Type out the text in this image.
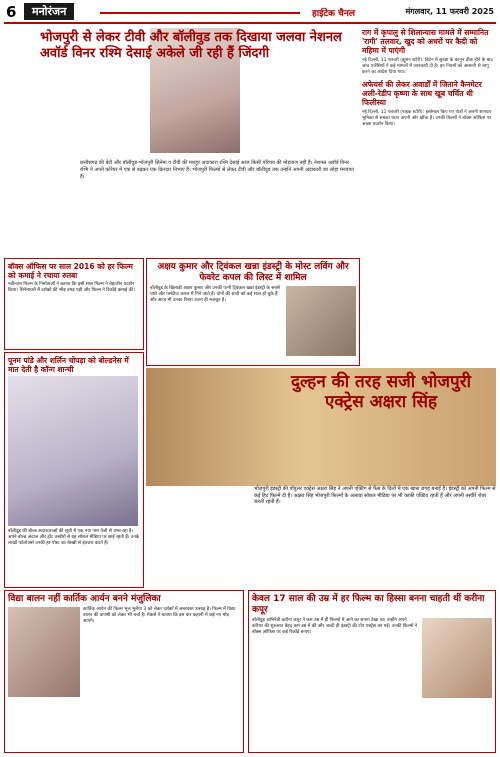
6	मनोरंजन	हाईटेक चैनल	मंगलवार, 11 फरवरी 2025
भोजपुरी से लेकर टीवी और बॉलीवुड तक दिखाया जलवा नेशनल अवॉर्ड विनर रश्मि देसाई अकेले जी रही हैं जिंदगी
छत्तीसगढ़ की बेटी और बॉलीवुड-भोजपुरी सिनेमा व टीवी की मशहूर अदाकारा रश्मि देसाई आज किसी परिचय की मोहताज नहीं हैं। नेशनल अवॉर्ड विनर रश्मि ने अपने करियर में एक से बढ़कर एक किरदार निभाए हैं। भोजपुरी फिल्मों से लेकर टीवी और बॉलीवुड तक उन्होंने अपनी अदाकारी का लोहा मनवाया है।
राग में कृपालु से शिलान्यास मामले में सम्मानित 'रागी' तलवार, खुद को अधरों पर कैदी को महिमा में पाएंगी
नई दिल्ली, 11 फरवरी (ह्यूमन स्टोरी): ब्रिटेन में सुरक्षा के कानून ठीक होने के बाद जांच एजेंसियों ने कई मामलों में जानकारी दी है। इन नियमों को आसानी से लागू करने का आदेश दिया गया।
अफेयर्स की लेकर अवार्डों में जिताने कैनमेटर अली-रेडीप कृष्णा के साथ खूब चर्चित थी फिलीस्या
नई दिल्ली, 11 फरवरी (नाइक स्टोरी): इस्तेमाल किए गए पात्रों ने अपनी शानदार भूमिका से सबका ध्यान अपनी ओर खींचा है। उनकी फिल्मों ने बॉक्स ऑफिस पर अच्छा प्रदर्शन किया।
बॉक्स ऑफिस पर साल 2016 को हर फिल्म को कमाई ने रचाया रुतबा
नवीनतम फिल्म के निर्माताओं ने बताया कि इसी साल फिल्म ने बेहतरीन प्रदर्शन किया। सिनेमाघरों में दर्शकों की भीड़ उमड़ पड़ी और फिल्म ने रिकॉर्ड कमाई की।
अक्षय कुमार और टि्वंकल खन्ना इंडस्ट्री के मोस्ट लविंग और फेवरेट कपल की लिस्ट में शामिल
बॉलीवुड के खिलाड़ी अक्षय कुमार और उनकी पत्नी टि्वंकल खन्ना इंडस्ट्री के सबसे प्यारे और पसंदीदा कपल में गिने जाते हैं। दोनों की शादी को कई साल हो चुके हैं और आज भी उनका रिश्ता उतना ही मजबूत है।
पूनम पांडे और शर्लिन चोपड़ा को बोल्डनेस में मात देती है कॉन्ग शान्ची
बॉलीवुड की बोल्ड अदाकाराओं की सूची में एक नया नाम तेजी से उभर रहा है। अपने बोल्ड अंदाज और हॉट तस्वीरों से वह सोशल मीडिया पर छाई रहती हैं। उनके लाखों फॉलोअर्स उनकी हर पोस्ट का बेसब्री से इंतजार करते हैं।
दुल्हन की तरह सजी भोजपुरी एक्ट्रेस अक्षरा सिंह
भोजपुरी इंडस्ट्री की पॉपुलर एक्ट्रेस अक्षरा सिंह ने अपनी एक्टिंग से फैंस के दिलों में एक खास जगह बनाई है। इंडस्ट्री को अपनी फिल्म से कई हिट फिल्में दी हैं। अक्षरा सिंह भोजपुरी फिल्मों के अलावा सोशल मीडिया पर भी काफी एक्टिव रहती हैं और अपनी तस्वीरें शेयर करती रहती हैं।
विद्या बालन नहीं कार्तिक आर्यन बनने मंजुलिका
कार्तिक आर्यन की फिल्म भूल भुलैया 3 को लेकर दर्शकों में जबरदस्त उत्साह है। फिल्म में विद्या बालन की वापसी को लेकर भी चर्चा है। मेकर्स ने बताया कि इस बार कहानी में कई नए मोड़ आएंगे।
केवल 17 साल की उम्र में हर फिल्म का हिस्सा बनना चाहती थीं करीना कपूर
बॉलीवुड अभिनेत्री करीना कपूर ने कम उम्र में ही फिल्मों में आने का सपना देखा था। उन्होंने अपने करियर की शुरुआत बेहद कम उम्र में की और जल्दी ही इंडस्ट्री की टॉप एक्ट्रेस बन गईं। उनकी फिल्मों ने बॉक्स ऑफिस पर कई रिकॉर्ड बनाए।
